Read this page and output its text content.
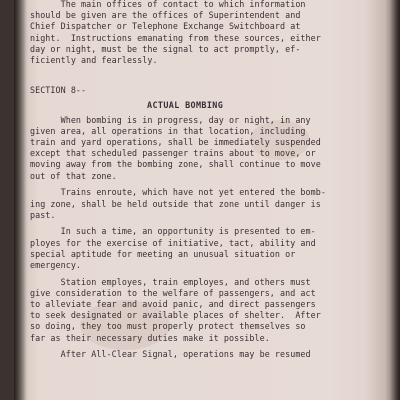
The main offices of contact to which information
should be given are the offices of Superintendent and
Chief Dispatcher or Telephone Exchange Switchboard at
night.  Instructions emanating from these sources, either
day or night, must be the signal to act promptly, ef-
ficiently and fearlessly.
SECTION 8--
ACTUAL BOMBING
When bombing is in progress, day or night, in any
given area, all operations in that location, including
train and yard operations, shall be immediately suspended
except that scheduled passenger trains about to move, or
moving away from the bombing zone, shall continue to move
out of that zone.
Trains enroute, which have not yet entered the bomb-
ing zone, shall be held outside that zone until danger is
past.
In such a time, an opportunity is presented to em-
ployes for the exercise of initiative, tact, ability and
special aptitude for meeting an unusual situation or
emergency.
Station employes, train employes, and others must
give consideration to the welfare of passengers, and act
to alleviate fear and avoid panic, and direct passengers
to seek designated or available places of shelter.  After
so doing, they too must properly protect themselves so
far as their necessary duties make it possible.
After All-Clear Signal, operations may be resumed
